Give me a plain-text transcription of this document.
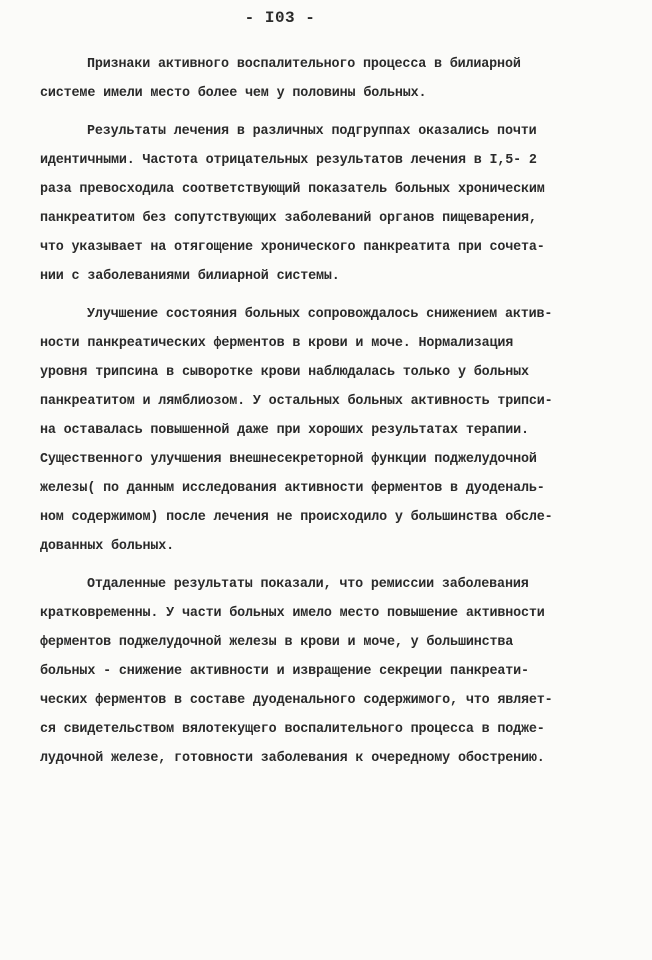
- I03 -
Признаки активного воспалительного процесса в билиарной
системе имели место более чем у половины больных.
Результаты лечения в различных подгруппах оказались почти
идентичными. Частота отрицательных результатов лечения в I,5- 2
раза превосходила соответствующий показатель больных хроническим
панкреатитом без сопутствующих заболеваний органов пищеварения,
что указывает на отягощение хронического панкреатита при сочета-
нии с заболеваниями билиарной системы.
Улучшение состояния больных сопровождалось снижением актив-
ности панкреатических ферментов в крови и моче. Нормализация
уровня трипсина в сыворотке крови наблюдалась только у больных
панкреатитом и лямблиозом. У остальных больных активность трипси-
на оставалась повышенной даже при хороших результатах терапии.
Существенного улучшения внешнесекреторной функции поджелудочной
железы( по данным исследования активности ферментов в дуоденаль-
ном содержимом) после лечения не происходило у большинства обсле-
дованных больных.
Отдаленные результаты показали, что ремиссии заболевания
кратковременны. У части больных имело место повышение активности
ферментов поджелудочной железы в крови и моче, у большинства
больных - снижение активности и извращение секреции панкреати-
ческих ферментов в составе дуоденального содержимого, что являет-
ся свидетельством вялотекущего воспалительного процесса в подже-
лудочной железе, готовности заболевания к очередному обострению.
